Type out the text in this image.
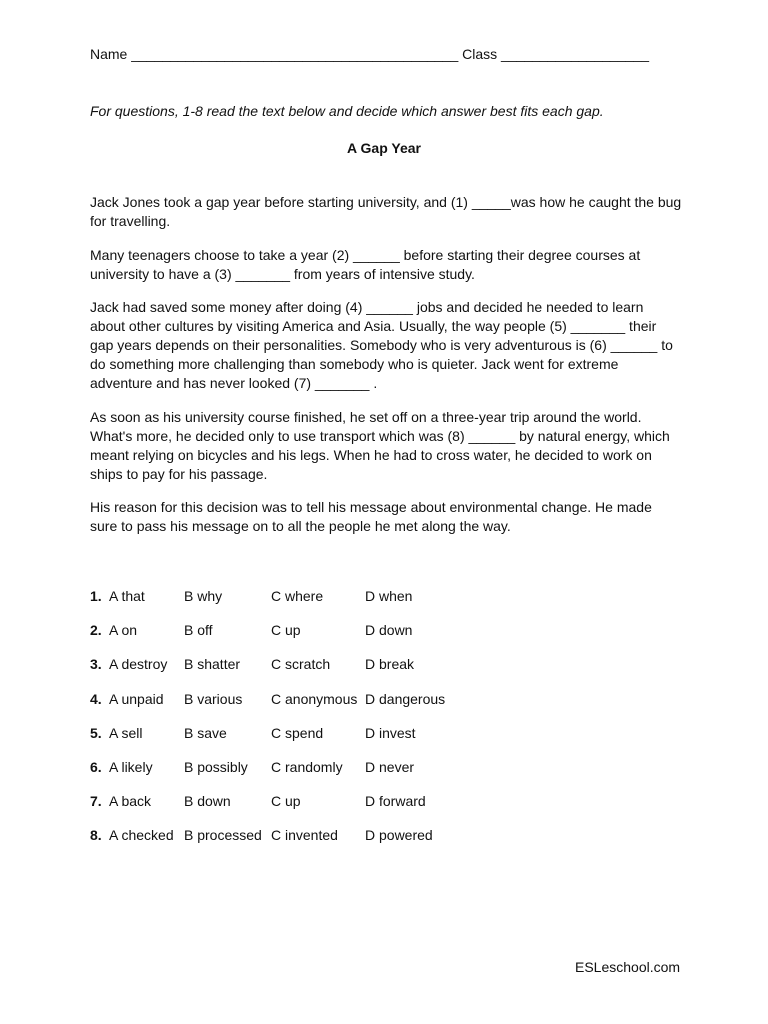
Name __________________________________________ Class ___________________
For questions, 1-8 read the text below and decide which answer best fits each gap.
A Gap Year

Jack Jones took a gap year before starting university, and (1) _____was how he caught the bug for travelling.

Many teenagers choose to take a year (2) ______ before starting their degree courses at university to have a (3) _______ from years of intensive study.

Jack had saved some money after doing (4) ______ jobs and decided he needed to learn about other cultures by visiting America and Asia. Usually, the way people (5) _______ their gap years depends on their personalities. Somebody who is very adventurous is (6) ______ to do something more challenging than somebody who is quieter. Jack went for extreme adventure and has never looked (7) _______ .

As soon as his university course finished, he set off on a three-year trip around the world. What's more, he decided only to use transport which was (8) ______ by natural energy, which meant relying on bicycles and his legs. When he had to cross water, he decided to work on ships to pay for his passage.

His reason for this decision was to tell his message about environmental change. He made sure to pass his message on to all the people he met along the way.

1. A that	B why	C where	D when
2. A on	B off	C up	D down
3. A destroy B shatter C scratch D break
4. A unpaid B various C anonymous D dangerous
5. A sell	B save	C spend	D invest
6. A likely B possibly C randomly D never
7. A back B down	C up	D forward
8. A checked B processed C invented D powered
ESLeschool.com
